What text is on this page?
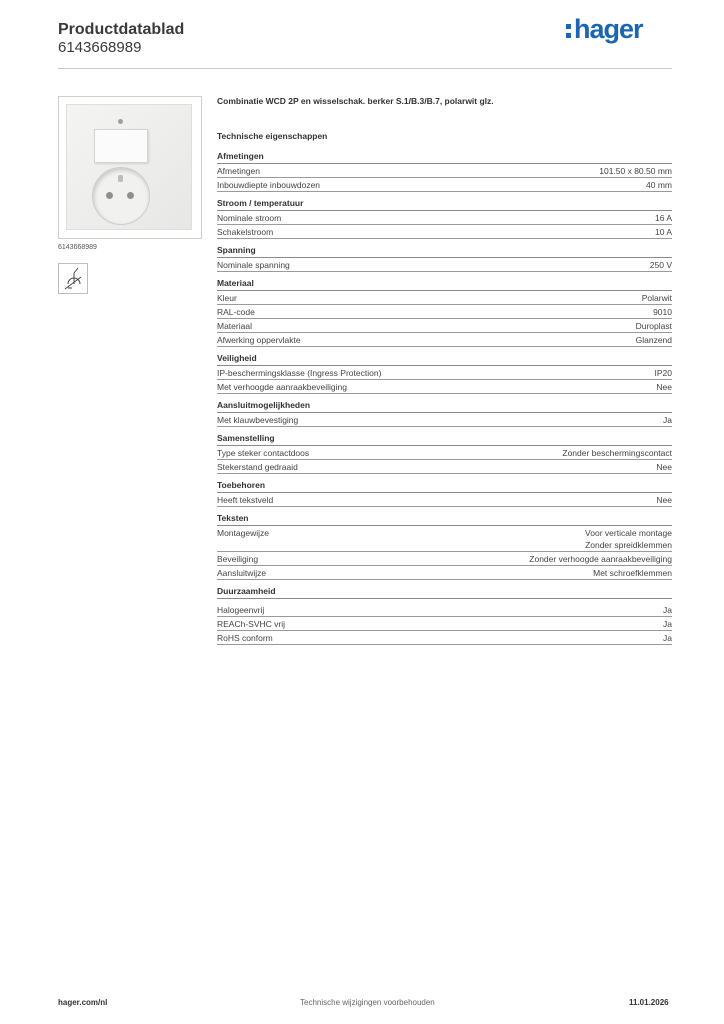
Productdatablad
6143668989
hager
6143668989
Combinatie WCD 2P en wisselschak. berker S.1/B.3/B.7, polarwit glz.
Technische eigenschappen
Afmetingen
Afmetingen	101.50 x 80.50 mm
Inbouwdiepte inbouwdozen	40 mm
Stroom / temperatuur
Nominale stroom	16 A
Schakelstroom	10 A
Spanning
Nominale spanning	250 V
Materiaal
Kleur	Polarwit
RAL-code	9010
Materiaal	Duroplast
Afwerking oppervlakte	Glanzend
Veiligheid
IP-beschermingsklasse (Ingress Protection)	IP20
Met verhoogde aanraakbeveiliging	Nee
Aansluitmogelijkheden
Met klauwbevestiging	Ja
Samenstelling
Type steker contactdoos	Zonder beschermingscontact
Stekerstand gedraaid	Nee
Toebehoren
Heeft tekstveld	Nee
Teksten
Montagewijze	Voor verticale montage
Zonder spreidklemmen
Beveiliging	Zonder verhoogde aanraakbeveiliging
Aansluitwijze	Met schroefklemmen
Duurzaamheid
Halogeenvrij	Ja
REACh-SVHC vrij	Ja
RoHS conform	Ja
hager.com/nl	Technische wijzigingen voorbehouden	11.01.2026
